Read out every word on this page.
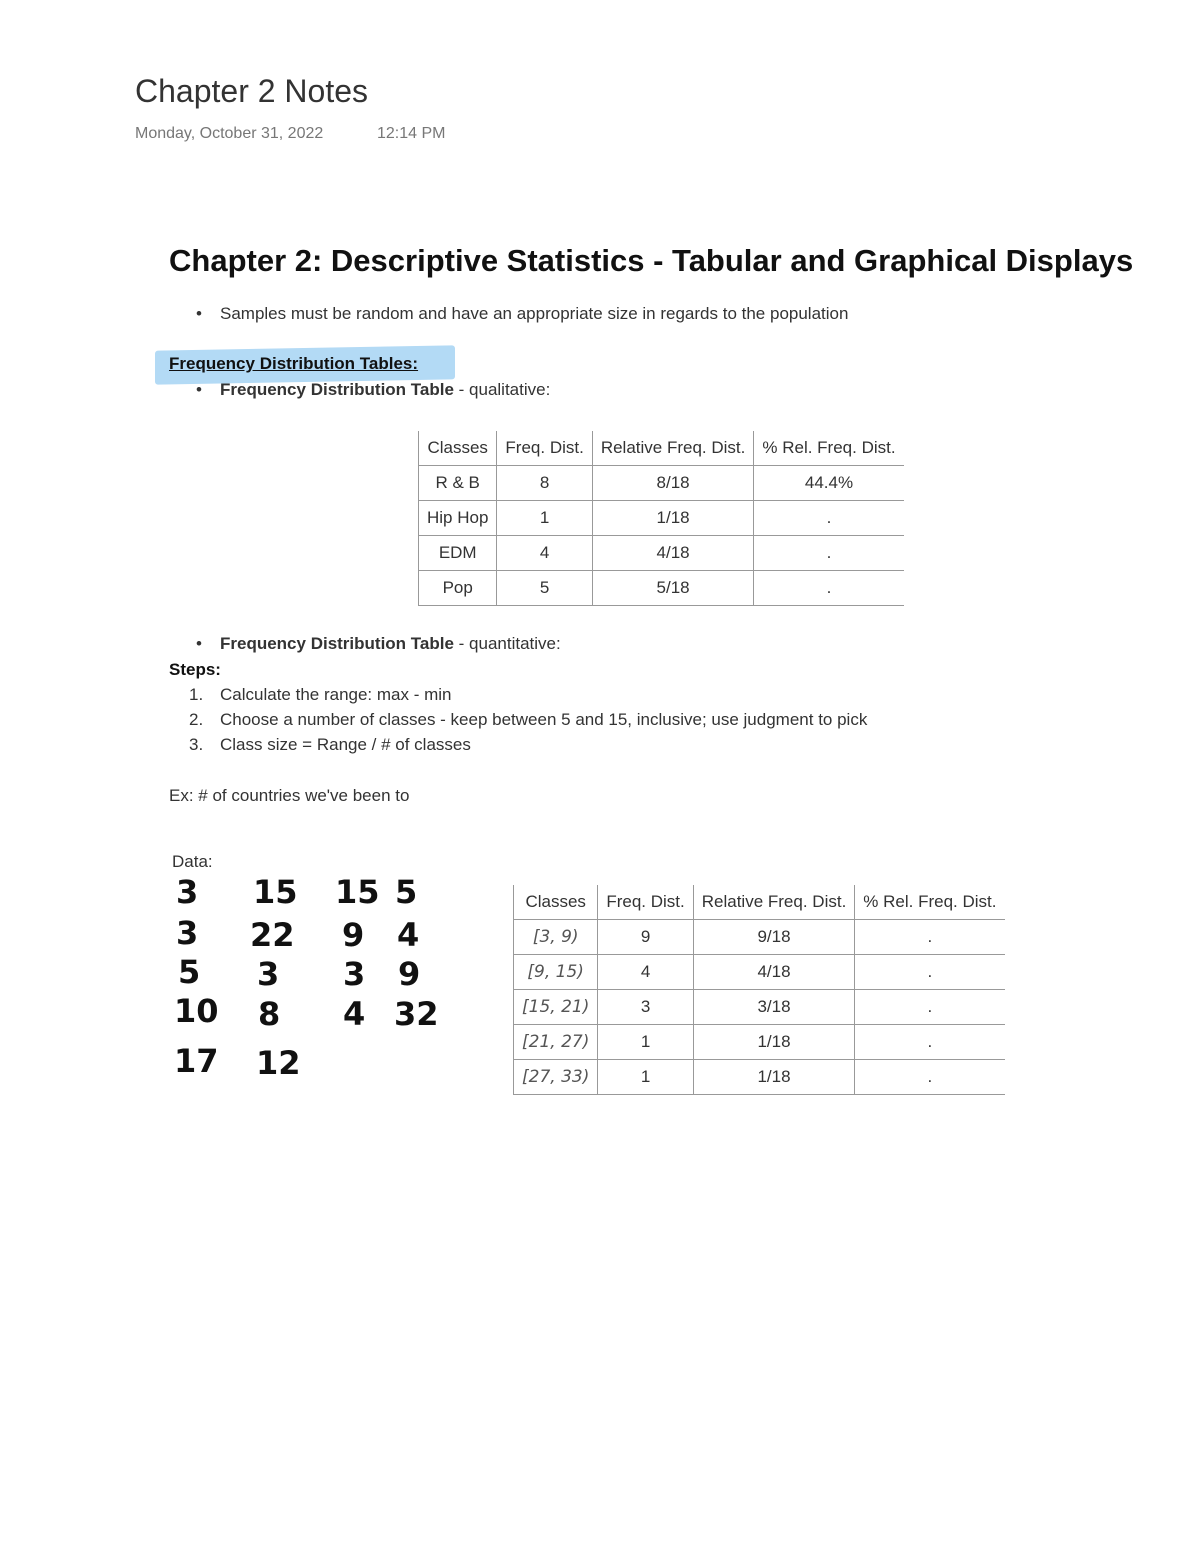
Chapter 2 Notes
Monday, October 31, 2022	12:14 PM
Chapter 2: Descriptive Statistics - Tabular and Graphical Displays
• Samples must be random and have an appropriate size in regards to the population
Frequency Distribution Tables:
• Frequency Distribution Table - qualitative:
Classes	Freq. Dist.	Relative Freq. Dist.	% Rel. Freq. Dist.
R & B	8	8/18	44.4%
Hip Hop	1	1/18	.
EDM	4	4/18	.
Pop	5	5/18	.
• Frequency Distribution Table - quantitative:
Steps:
1. Calculate the range: max - min
2. Choose a number of classes - keep between 5 and 15, inclusive; use judgment to pick
3. Class size = Range / # of classes
Ex: # of countries we've been to
Data:
3 15 15 5
3 22 9 4
5 3 3 9
10 8 4 32
17 12
Classes	Freq. Dist.	Relative Freq. Dist.	% Rel. Freq. Dist.
[3, 9)	9	9/18	.
[9, 15)	4	4/18	.
[15, 21)	3	3/18	.
[21, 27)	1	1/18	.
[27, 33)	1	1/18	.
